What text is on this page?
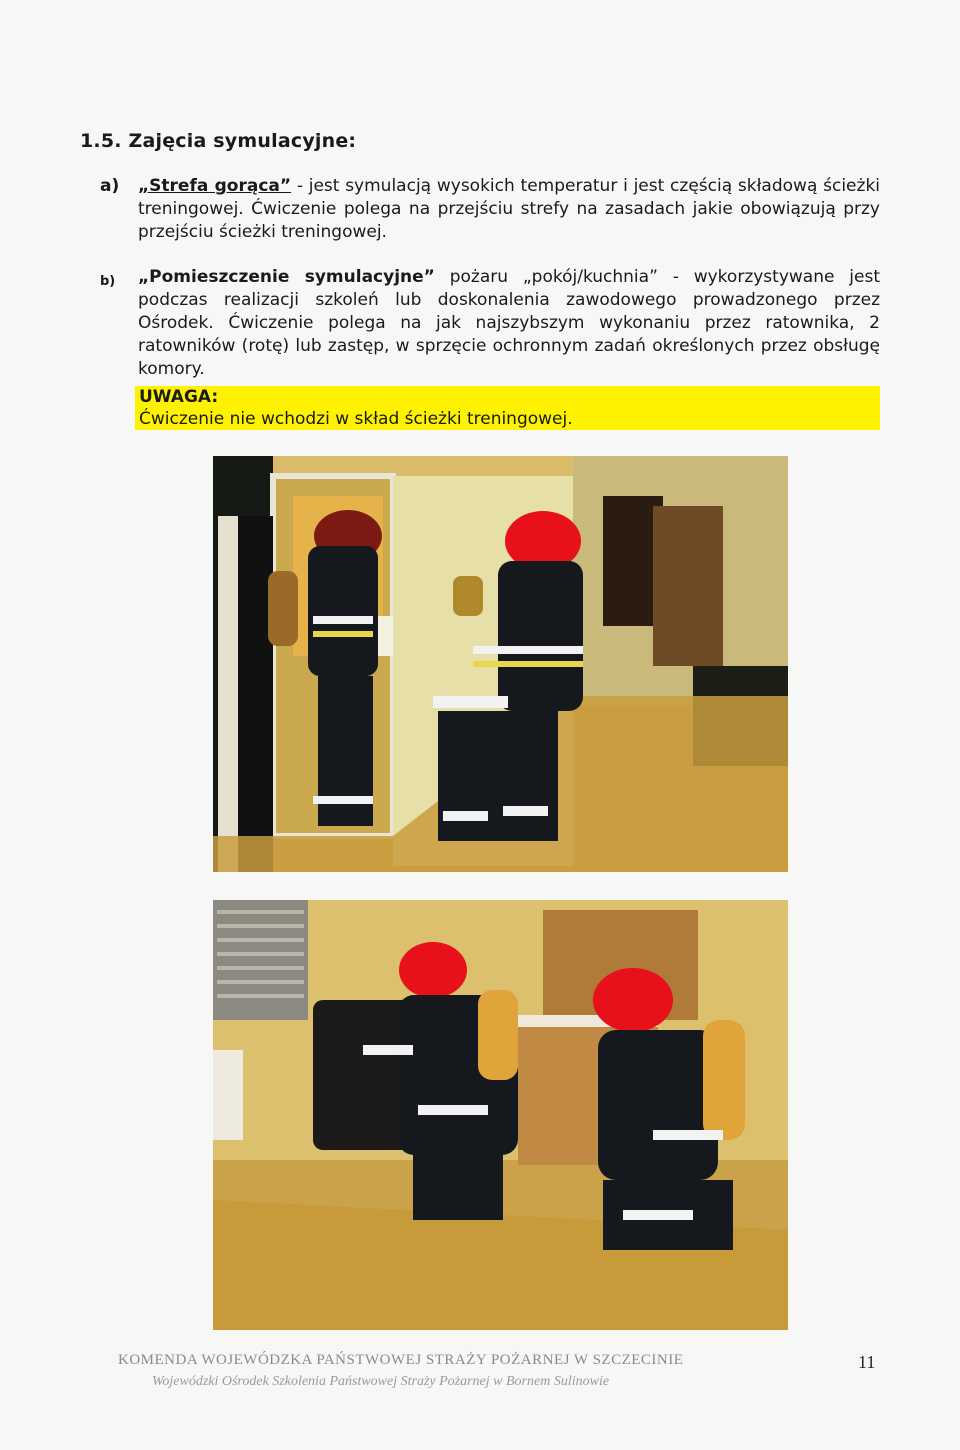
1.5. Zajęcia symulacyjne:
a) „Strefa gorąca” - jest symulacją wysokich temperatur i jest częścią składową ścieżki treningowej. Ćwiczenie polega na przejściu strefy na zasadach jakie obowiązują przy przejściu ścieżki treningowej.
b) „Pomieszczenie symulacyjne” pożaru „pokój/kuchnia” - wykorzystywane jest podczas realizacji szkoleń lub doskonalenia zawodowego prowadzonego przez Ośrodek. Ćwiczenie polega na jak najszybszym wykonaniu przez ratownika, 2 ratowników (rotę) lub zastęp, w sprzęcie ochronnym zadań określonych przez obsługę komory.
UWAGA:
Ćwiczenie nie wchodzi w skład ścieżki treningowej.
KOMENDA WOJEWÓDZKA PAŃSTWOWEJ STRAŻY POŻARNEJ W SZCZECINIE
Wojewódzki Ośrodek Szkolenia Państwowej Straży Pożarnej w Bornem Sulinowie
11
